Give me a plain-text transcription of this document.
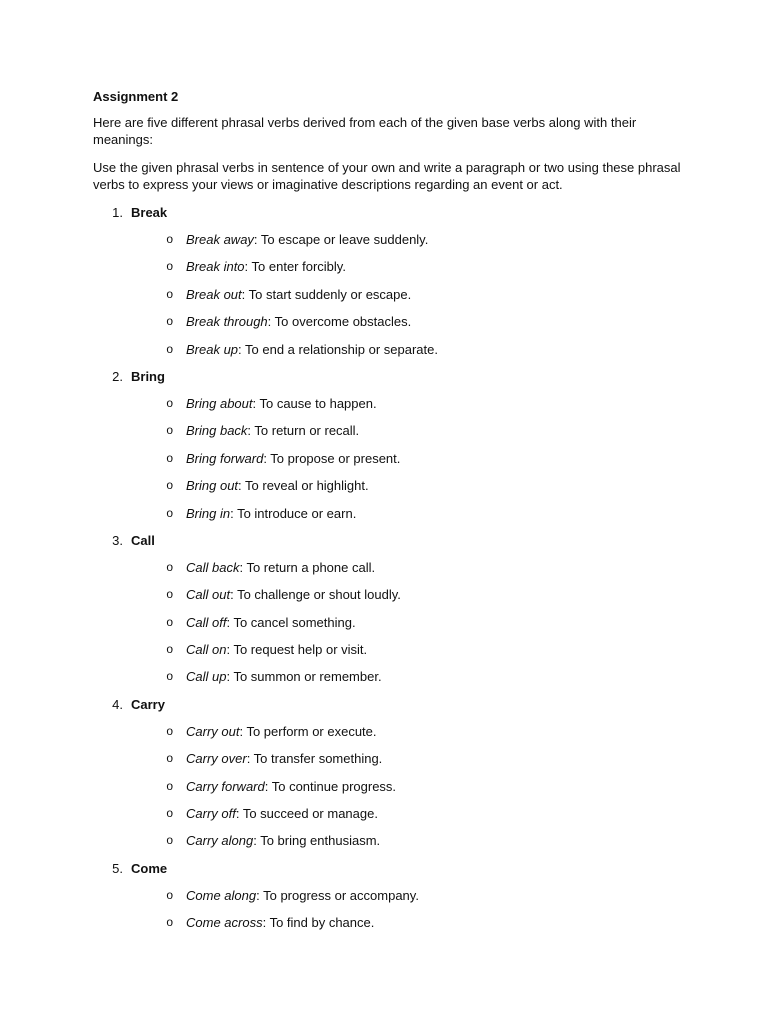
Assignment 2

Here are five different phrasal verbs derived from each of the given base verbs along with their meanings:

Use the given phrasal verbs in sentence of your own and write a paragraph or two using these phrasal verbs to express your views or imaginative descriptions regarding an event or act.

1. Break
o	Break away: To escape or leave suddenly.
o	Break into: To enter forcibly.
o	Break out: To start suddenly or escape.
o	Break through: To overcome obstacles.
o	Break up: To end a relationship or separate.
2. Bring
o	Bring about: To cause to happen.
o	Bring back: To return or recall.
o	Bring forward: To propose or present.
o	Bring out: To reveal or highlight.
o	Bring in: To introduce or earn.
3. Call
o	Call back: To return a phone call.
o	Call out: To challenge or shout loudly.
o	Call off: To cancel something.
o	Call on: To request help or visit.
o	Call up: To summon or remember.
4. Carry
o	Carry out: To perform or execute.
o	Carry over: To transfer something.
o	Carry forward: To continue progress.
o	Carry off: To succeed or manage.
o	Carry along: To bring enthusiasm.
5. Come
o	Come along: To progress or accompany.
o	Come across: To find by chance.
